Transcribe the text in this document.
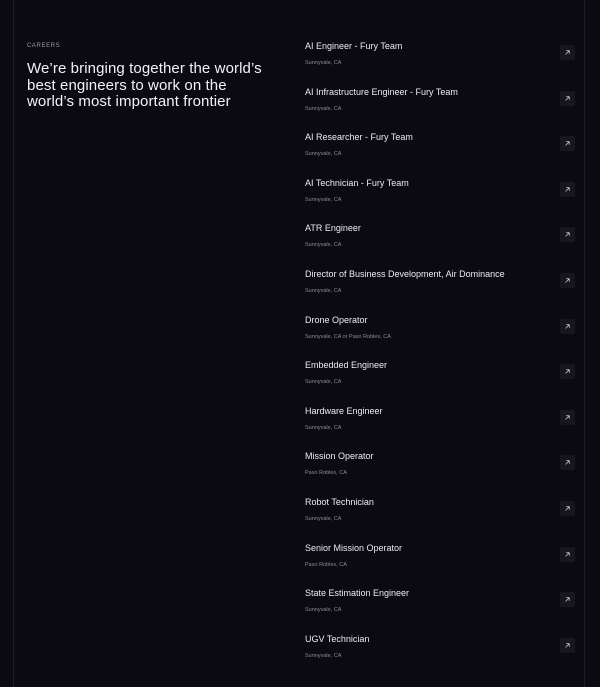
CAREERS

We’re bringing together the world’s best engineers to work on the world’s most important frontier
AI Engineer - Fury Team
Sunnyvale, CA
AI Infrastructure Engineer - Fury Team
Sunnyvale, CA
AI Researcher - Fury Team
Sunnyvale, CA
AI Technician - Fury Team
Sunnyvale, CA
ATR Engineer
Sunnyvale, CA
Director of Business Development, Air Dominance
Sunnyvale, CA
Drone Operator
Sunnyvale, CA or Paso Robles, CA
Embedded Engineer
Sunnyvale, CA
Hardware Engineer
Sunnyvale, CA
Mission Operator
Paso Robles, CA
Robot Technician
Sunnyvale, CA
Senior Mission Operator
Paso Robles, CA
State Estimation Engineer
Sunnyvale, CA
UGV Technician
Sunnyvale, CA
